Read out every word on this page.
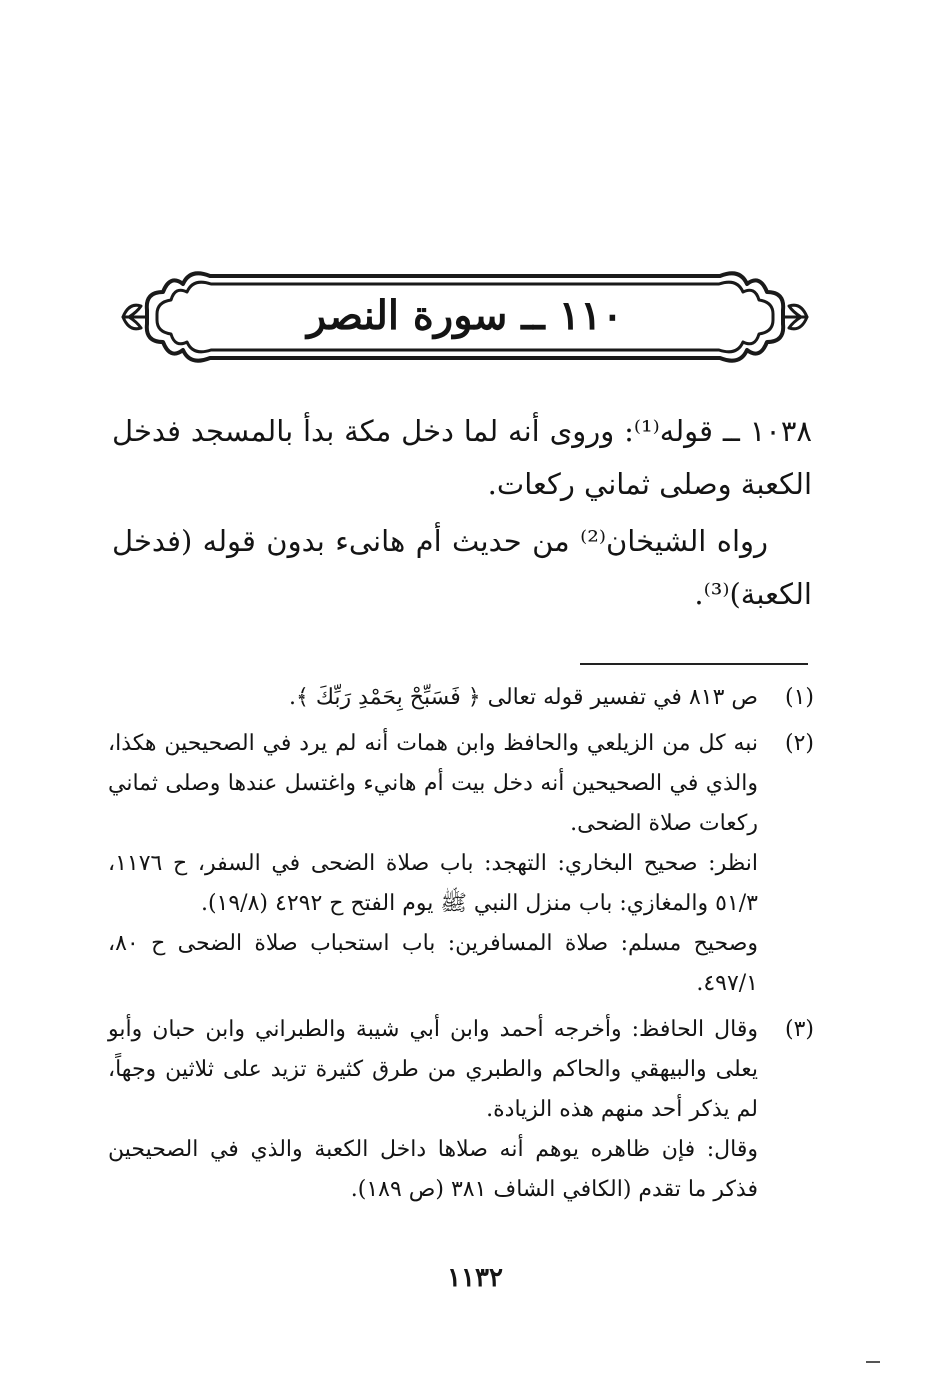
١١٠ ــ سورة النصر

١٠٣٨ ــ قوله⁽¹⁾: وروى أنه لما دخل مكة بدأ بالمسجد فدخل الكعبة وصلى ثماني ركعات.

رواه الشيخان⁽²⁾ من حديث أم هانىء بدون قوله (فدخل الكعبة)⁽³⁾.

(١)
ص ٨١٣ في تفسير قوله تعالى ﴿ فَسَبِّحْ بِحَمْدِ رَبِّكَ ﴾.
(٢)
نبه كل من الزيلعي والحافظ وابن همات أنه لم يرد في الصحيحين هكذا، والذي في الصحيحين أنه دخل بيت أم هانيء واغتسل عندها وصلى ثماني ركعات صلاة الضحى.
انظر: صحيح البخاري: التهجد: باب صلاة الضحى في السفر، ح ١١٧٦، ٥١/٣ والمغازي: باب منزل النبي ﷺ يوم الفتح ح ٤٢٩٢ (١٩/٨).
وصحيح مسلم: صلاة المسافرين: باب استحباب صلاة الضحى ح ٨٠، ٤٩٧/١.
(٣)
وقال الحافظ: وأخرجه أحمد وابن أبي شيبة والطبراني وابن حبان وأبو يعلى والبيهقي والحاكم والطبري من طرق كثيرة تزيد على ثلاثين وجهاً، لم يذكر أحد منهم هذه الزيادة.
وقال: فإن ظاهره يوهم أنه صلاها داخل الكعبة والذي في الصحيحين فذكر ما تقدم (الكافي الشاف ٣٨١ (ص ١٨٩).
١١٣٢
